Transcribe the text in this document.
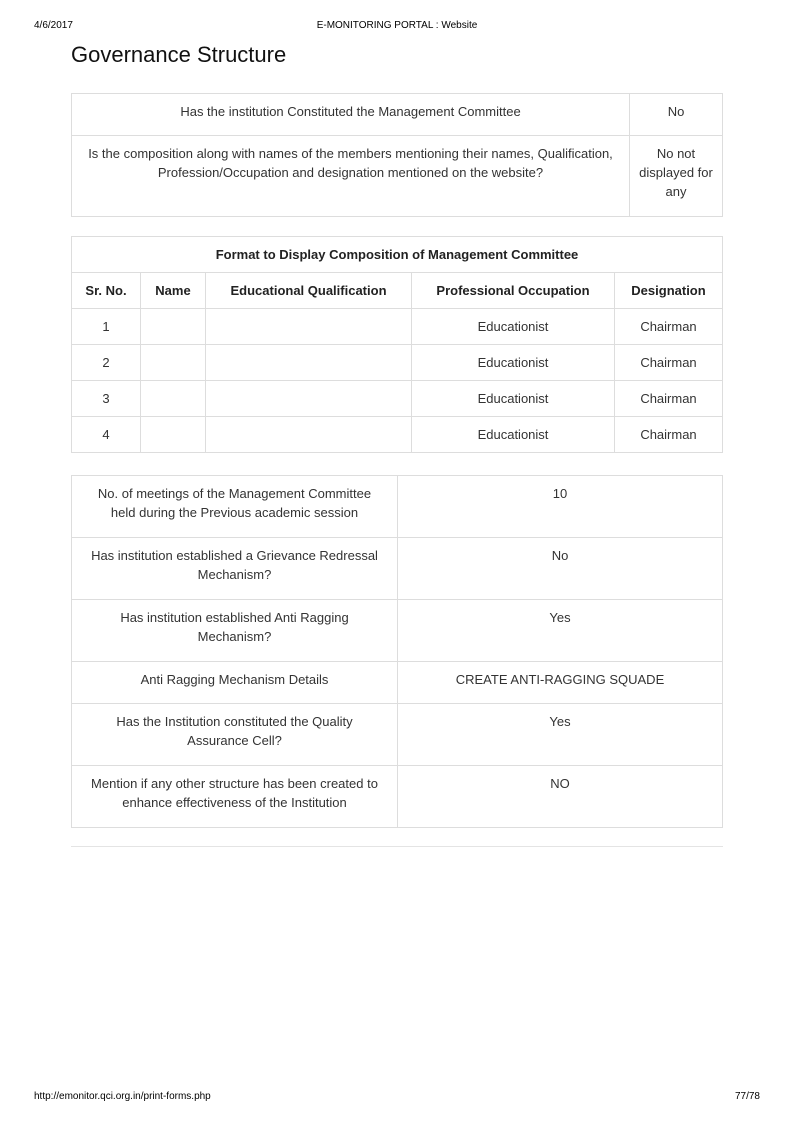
4/6/2017	E-MONITORING PORTAL : Website
Governance Structure
Has the institution Constituted the Management Committee	No
Is the composition along with names of the members mentioning their names, Qualification, Profession/Occupation and designation mentioned on the website?	No not displayed for any
Format to Display Composition of Management Committee				
Sr. No.	Name	Educational Qualification	Professional Occupation	Designation
1			Educationist	Chairman
2			Educationist	Chairman
3			Educationist	Chairman
4			Educationist	Chairman
No. of meetings of the Management Committee held during the Previous academic session	10
Has institution established a Grievance Redressal Mechanism?	No
Has institution established Anti Ragging Mechanism?	Yes
Anti Ragging Mechanism Details	CREATE ANTI-RAGGING SQUADE
Has the Institution constituted the Quality Assurance Cell?	Yes
Mention if any other structure has been created to enhance effectiveness of the Institution	NO
http://emonitor.qci.org.in/print-forms.php	77/78
